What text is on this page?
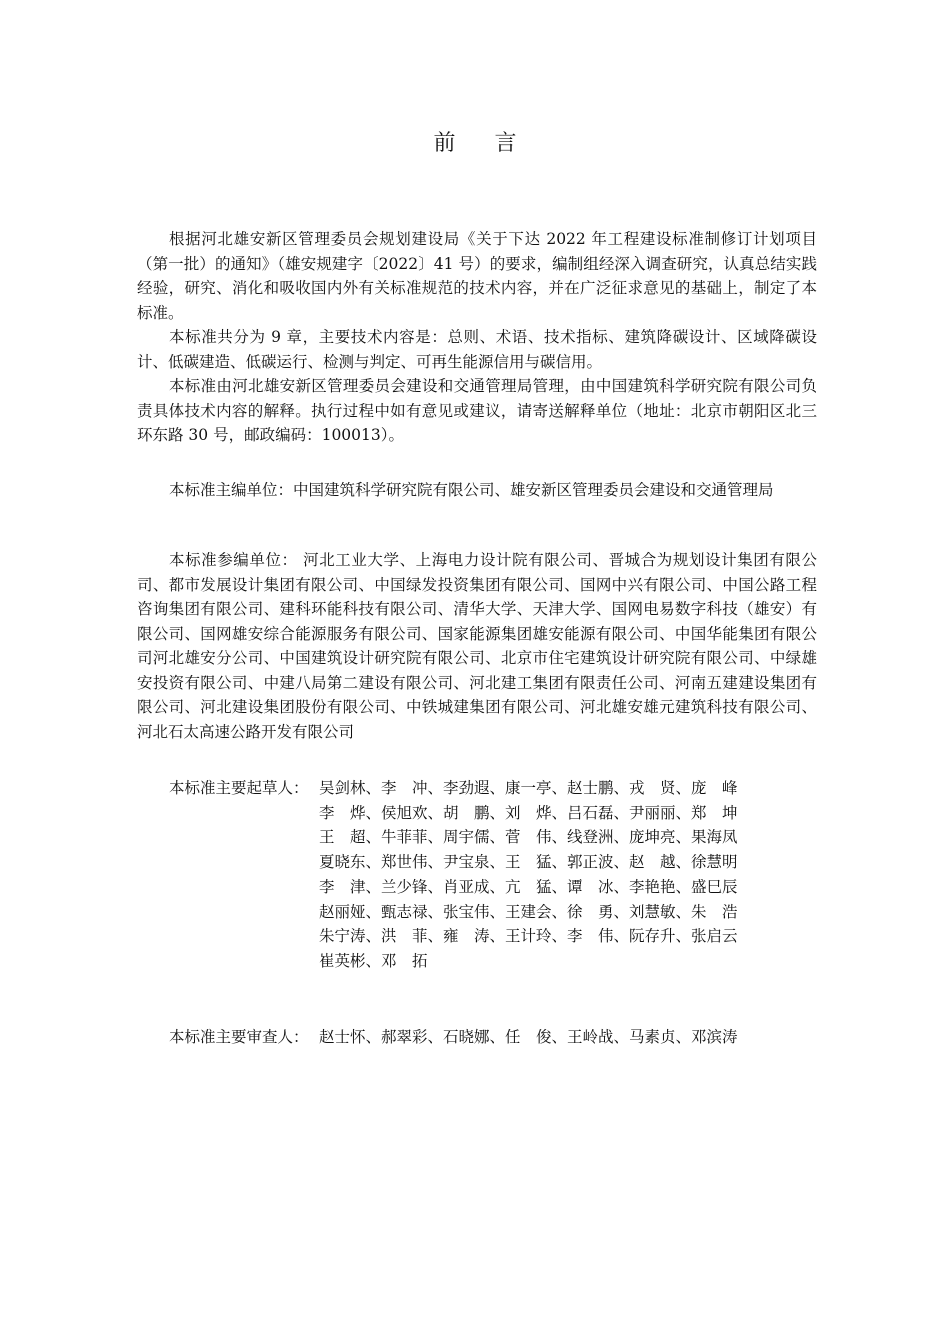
前 言

根据河北雄安新区管理委员会规划建设局《关于下达 2022 年工程建设标准制修订计划项目（第一批）的通知》（雄安规建字〔2022〕41 号）的要求，编制组经深入调查研究，认真总结实践经验，研究、消化和吸收国内外有关标准规范的技术内容，并在广泛征求意见的基础上，制定了本标准。

本标准共分为 9 章，主要技术内容是：总则、术语、技术指标、建筑降碳设计、区域降碳设计、低碳建造、低碳运行、检测与判定、可再生能源信用与碳信用。

本标准由河北雄安新区管理委员会建设和交通管理局管理，由中国建筑科学研究院有限公司负责具体技术内容的解释。执行过程中如有意见或建议，请寄送解释单位（地址：北京市朝阳区北三环东路 30 号，邮政编码：100013）。

本标准主编单位：中国建筑科学研究院有限公司、雄安新区管理委员会建设和交通管理局

本标准参编单位： 河北工业大学、上海电力设计院有限公司、晋城合为规划设计集团有限公司、都市发展设计集团有限公司、中国绿发投资集团有限公司、国网中兴有限公司、中国公路工程咨询集团有限公司、建科环能科技有限公司、清华大学、天津大学、国网电易数字科技（雄安）有限公司、国网雄安综合能源服务有限公司、国家能源集团雄安能源有限公司、中国华能集团有限公司河北雄安分公司、中国建筑设计研究院有限公司、北京市住宅建筑设计研究院有限公司、中绿雄安投资有限公司、中建八局第二建设有限公司、河北建工集团有限责任公司、河南五建建设集团有限公司、河北建设集团股份有限公司、中铁城建集团有限公司、河北雄安雄元建筑科技有限公司、河北石太高速公路开发有限公司

本标准主要起草人： 吴剑林、李　冲、李劲遐、康一亭、赵士鹏、戎　贤、庞　峰
李　烨、侯旭欢、胡　鹏、刘　烨、吕石磊、尹丽丽、郑　坤
王　超、牛菲菲、周宇儒、菅　伟、线登洲、庞坤亮、果海凤
夏晓东、郑世伟、尹宝泉、王　猛、郭正波、赵　越、徐慧明
李　津、兰少锋、肖亚成、亢　猛、谭　冰、李艳艳、盛巳辰
赵丽娅、甄志禄、张宝伟、王建会、徐　勇、刘慧敏、朱　浩
朱宁涛、洪　菲、雍　涛、王计玲、李　伟、阮存升、张启云
崔英彬、邓　拓
本标准主要审查人： 赵士怀、郝翠彩、石晓娜、任　俊、王岭战、马素贞、邓滨涛
